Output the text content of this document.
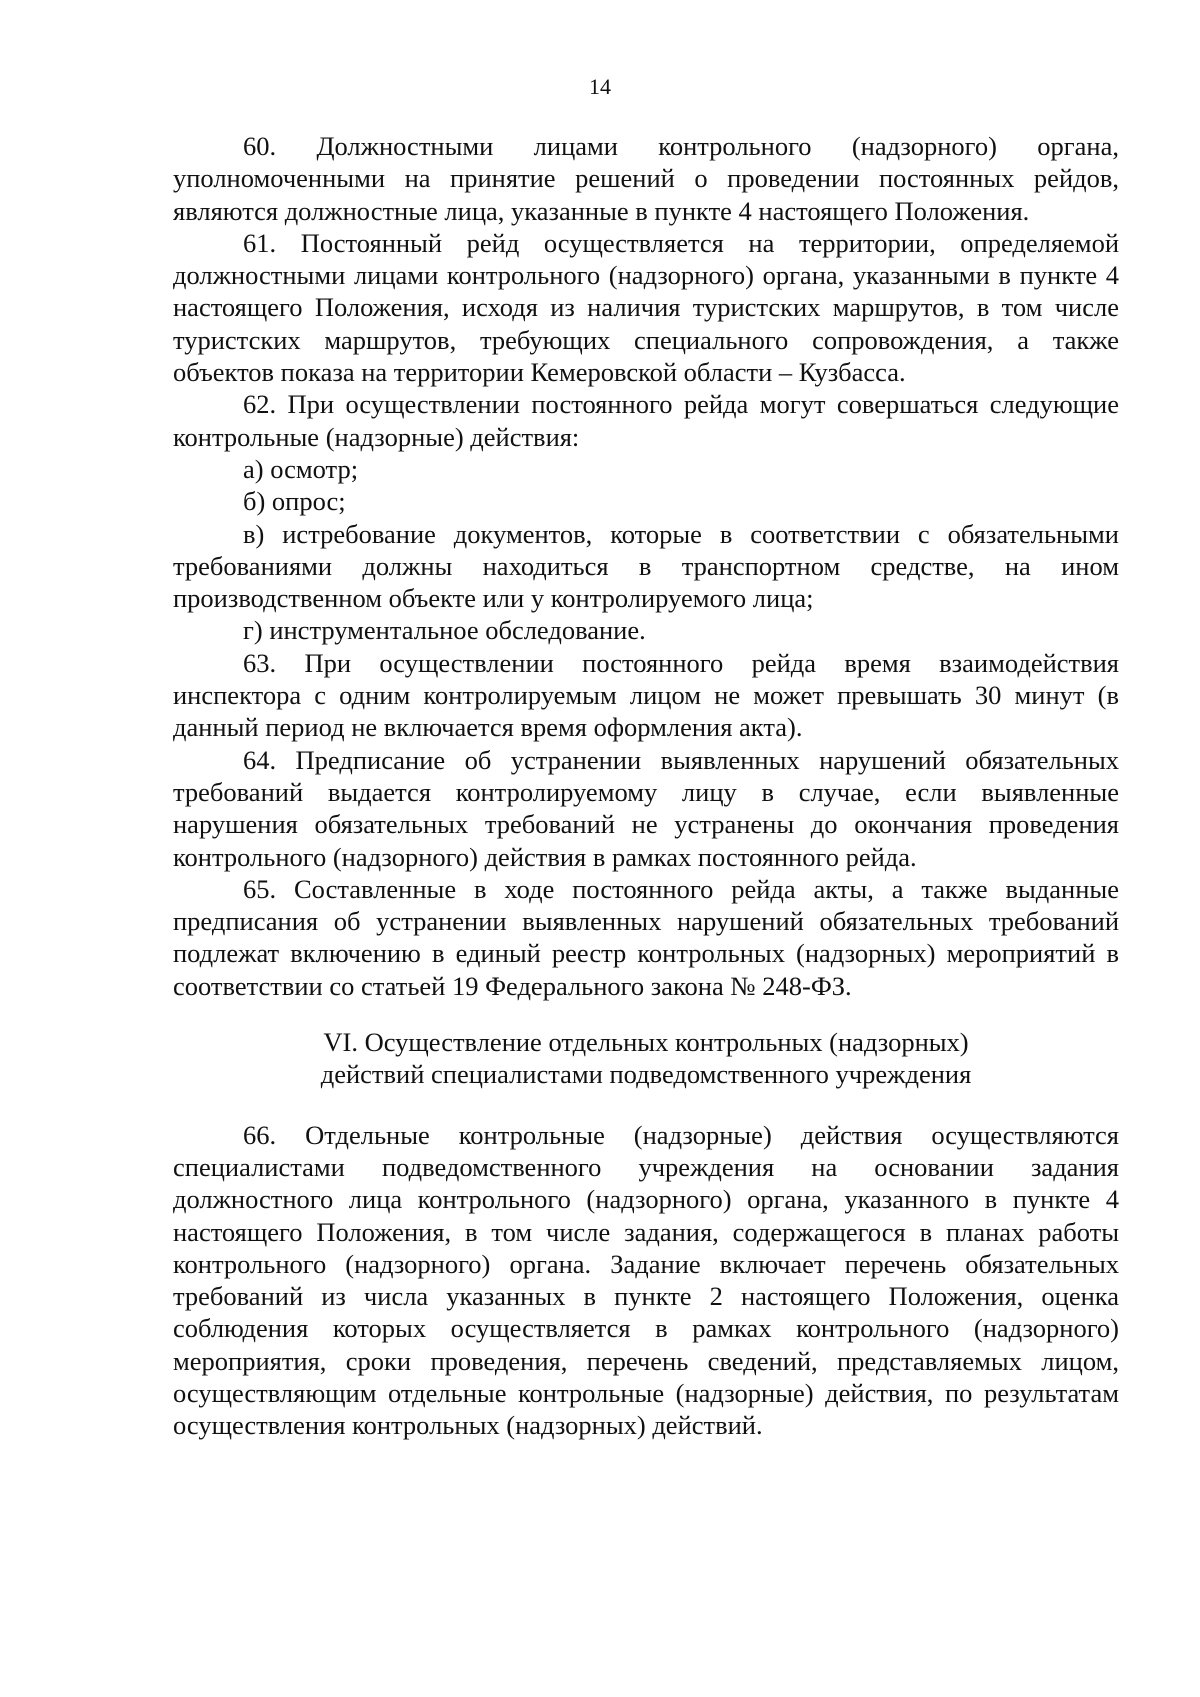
14

60. Должностными лицами контрольного (надзорного) органа, уполномоченными на принятие решений о проведении постоянных рейдов, являются должностные лица, указанные в пункте 4 настоящего Положения.

61. Постоянный рейд осуществляется на территории, определяемой должностными лицами контрольного (надзорного) органа, указанными в пункте 4 настоящего Положения, исходя из наличия туристских маршрутов, в том числе туристских маршрутов, требующих специального сопровождения, а также объектов показа на территории Кемеровской области – Кузбасса.

62. При осуществлении постоянного рейда могут совершаться следующие контрольные (надзорные) действия:

а) осмотр;

б) опрос;

в) истребование документов, которые в соответствии с обязательными требованиями должны находиться в транспортном средстве, на ином производственном объекте или у контролируемого лица;

г) инструментальное обследование.

63. При осуществлении постоянного рейда время взаимодействия инспектора с одним контролируемым лицом не может превышать 30 минут (в данный период не включается время оформления акта).

64. Предписание об устранении выявленных нарушений обязательных требований выдается контролируемому лицу в случае, если выявленные нарушения обязательных требований не устранены до окончания проведения контрольного (надзорного) действия в рамках постоянного рейда.

65. Составленные в ходе постоянного рейда акты, а также выданные предписания об устранении выявленных нарушений обязательных требований подлежат включению в единый реестр контрольных (надзорных) мероприятий в соответствии со статьей 19 Федерального закона № 248-ФЗ.

VI. Осуществление отдельных контрольных (надзорных)
действий специалистами подведомственного учреждения

66. Отдельные контрольные (надзорные) действия осуществляются специалистами подведомственного учреждения на основании задания должностного лица контрольного (надзорного) органа, указанного в пункте 4 настоящего Положения, в том числе задания, содержащегося в планах работы контрольного (надзорного) органа. Задание включает перечень обязательных требований из числа указанных в пункте 2 настоящего Положения, оценка соблюдения которых осуществляется в рамках контрольного (надзорного) мероприятия, сроки проведения, перечень сведений, представляемых лицом, осуществляющим отдельные контрольные (надзорные) действия, по результатам осуществления контрольных (надзорных) действий.
